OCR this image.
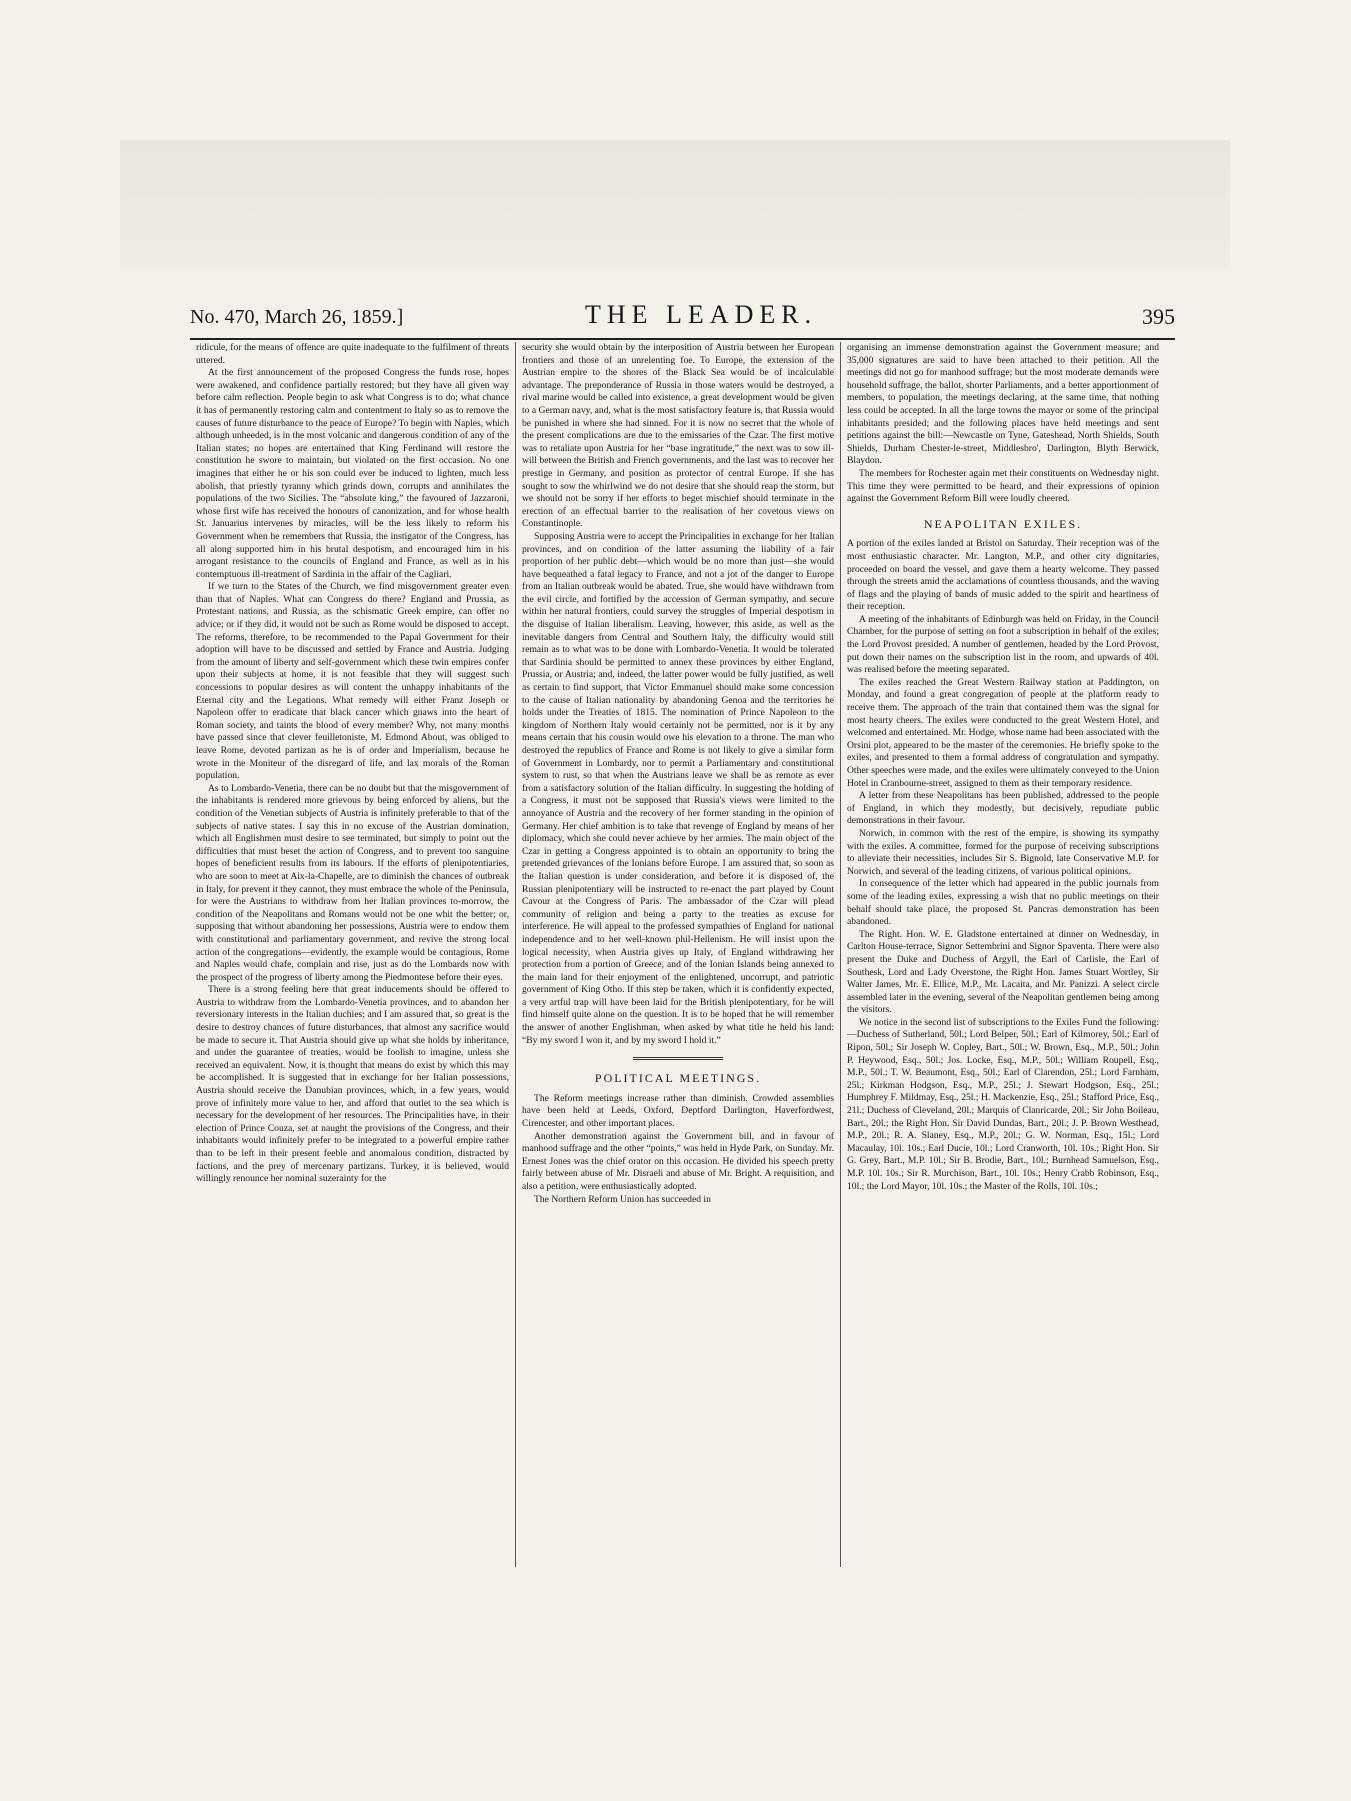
No. 470, March 26, 1859.]	THE LEADER.	395

ridicule, for the means of offence are quite inadequate to the fulfilment of threats uttered.

At the first announcement of the proposed Congress the funds rose, hopes were awakened, and confidence partially restored; but they have all given way before calm reflection. People begin to ask what Congress is to do; what chance it has of permanently restoring calm and contentment to Italy so as to remove the causes of future disturbance to the peace of Europe? To begin with Naples, which although unheeded, is in the most volcanic and dangerous condition of any of the Italian states; no hopes are entertained that King Ferdinand will restore the constitution he swore to maintain, but violated on the first occasion. No one imagines that either he or his son could ever be induced to lighten, much less abolish, that priestly tyranny which grinds down, corrupts and annihilates the populations of the two Sicilies. The “absolute king,” the favoured of Jazzaroni, whose first wife has received the honours of canonization, and for whose health St. Januarius intervenes by miracles, will be the less likely to reform his Government when he remembers that Russia, the instigator of the Congress, has all along supported him in his brutal despotism, and encouraged him in his arrogant resistance to the councils of England and France, as well as in his contemptuous ill-treatment of Sardinia in the affair of the Cagliari.

If we turn to the States of the Church, we find misgovernment greater even than that of Naples. What can Congress do there? England and Prussia, as Protestant nations, and Russia, as the schismatic Greek empire, can offer no advice; or if they did, it would not be such as Rome would be disposed to accept. The reforms, therefore, to be recommended to the Papal Government for their adoption will have to be discussed and settled by France and Austria. Judging from the amount of liberty and self-government which these twin empires confer upon their subjects at home, it is not feasible that they will suggest such concessions to popular desires as will content the unhappy inhabitants of the Eternal city and the Legations. What remedy will either Franz Joseph or Napoleon offer to eradicate that black cancer which gnaws into the heart of Roman society, and taints the blood of every member? Why, not many months have passed since that clever feuilletoniste, M. Edmond About, was obliged to leave Rome, devoted partizan as he is of order and Imperialism, because he wrote in the Moniteur of the disregard of life, and lax morals of the Roman population.

As to Lombardo-Venetia, there can be no doubt but that the misgovernment of the inhabitants is rendered more grievous by being enforced by aliens, but the condition of the Venetian subjects of Austria is infinitely preferable to that of the subjects of native states. I say this in no excuse of the Austrian domination, which all Englishmen must desire to see terminated, but simply to point out the difficulties that must beset the action of Congress, and to prevent too sanguine hopes of beneficient results from its labours. If the efforts of plenipotentiaries, who are soon to meet at Aix-la-Chapelle, are to diminish the chances of outbreak in Italy, for prevent it they cannot, they must embrace the whole of the Peninsula, for were the Austrians to withdraw from her Italian provinces to-morrow, the condition of the Neapolitans and Romans would not be one whit the better; or, supposing that without abandoning her possessions, Austria were to endow them with constitutional and parliamentary government, and revive the strong local action of the congregations—evidently, the example would be contagious, Rome and Naples would chafe, complain and rise, just as do the Lombards now with the prospect of the progress of liberty among the Piedmontese before their eyes.

There is a strong feeling here that great inducements should be offered to Austria to withdraw from the Lombardo-Venetia provinces, and to abandon her reversionary interests in the Italian duchies; and I am assured that, so great is the desire to destroy chances of future disturbances, that almost any sacrifice would be made to secure it. That Austria should give up what she holds by inheritance, and under the guarantee of treaties, would be foolish to imagine, unless she received an equivalent. Now, it is thought that means do exist by which this may be accomplished. It is suggested that in exchange for her Italian possessions, Austria should receive the Danubian provinces, which, in a few years, would prove of infinitely more value to her, and afford that outlet to the sea which is necessary for the development of her resources. The Principalities have, in their election of Prince Couza, set at naught the provisions of the Congress, and their inhabitants would infinitely prefer to be integrated to a powerful empire rather than to be left in their present feeble and anomalous condition, distracted by factions, and the prey of mercenary partizans. Turkey, it is believed, would willingly renounce her nominal suzerainty for the

security she would obtain by the interposition of Austria between her European frontiers and those of an unrelenting foe. To Europe, the extension of the Austrian empire to the shores of the Black Sea would be of incalculable advantage. The preponderance of Russia in those waters would be destroyed, a rival marine would be called into existence, a great development would be given to a German navy, and, what is the most satisfactory feature is, that Russia would be punished in where she had sinned. For it is now no secret that the whole of the present complications are due to the emissaries of the Czar. The first motive was to retaliate upon Austria for her “base ingratitude,” the next was to sow ill-will between the British and French governments, and the last was to recover her prestige in Germany, and position as protector of central Europe. If she has sought to sow the whirlwind we do not desire that she should reap the storm, but we should not be sorry if her efforts to beget mischief should terminate in the erection of an effectual barrier to the realisation of her covetous views on Constantinople.

Supposing Austria were to accept the Principalities in exchange for her Italian provinces, and on condition of the latter assuming the liability of a fair proportion of her public debt—which would be no more than just—she would have bequeathed a fatal legacy to France, and not a jot of the danger to Europe from an Italian outbreak would be abated. True, she would have withdrawn from the evil circle, and fortified by the accession of German sympathy, and secure within her natural frontiers, could survey the struggles of Imperial despotism in the disguise of Italian liberalism. Leaving, however, this aside, as well as the inevitable dangers from Central and Southern Italy, the difficulty would still remain as to what was to be done with Lombardo-Venetia. It would be tolerated that Sardinia should be permitted to annex these provinces by either England, Prussia, or Austria; and, indeed, the latter power would be fully justified, as well as certain to find support, that Victor Emmanuel should make some concession to the cause of Italian nationality by abandoning Genoa and the territories he holds under the Treaties of 1815. The nomination of Prince Napoleon to the kingdom of Northern Italy would certainly not be permitted, nor is it by any means certain that his cousin would owe his elevation to a throne. The man who destroyed the republics of France and Rome is not likely to give a similar form of Government in Lombardy, nor to permit a Parliamentary and constitutional system to rust, so that when the Austrians leave we shall be as remote as ever from a satisfactory solution of the Italian difficulty. In suggesting the holding of a Congress, it must not be supposed that Russia's views were limited to the annoyance of Austria and the recovery of her former standing in the opinion of Germany. Her chief ambition is to take that revenge of England by means of her diplomacy, which she could never achieve by her armies. The main object of the Czar in getting a Congress appointed is to obtain an opportunity to bring the pretended grievances of the Ionians before Europe. I am assured that, so soon as the Italian question is under consideration, and before it is disposed of, the Russian plenipotentiary will be instructed to re-enact the part played by Count Cavour at the Congress of Paris. The ambassador of the Czar will plead community of religion and being a party to the treaties as excuse for interference. He will appeal to the professed sympathies of England for national independence and to her well-known phil-Hellenism. He will insist upon the logical necessity, when Austria gives up Italy, of England withdrawing her protection from a portion of Greece, and of the Ionian Islands being annexed to the main land for their enjoyment of the enlightened, uncorrupt, and patriotic government of King Otho. If this step be taken, which it is confidently expected, a very artful trap will have been laid for the British plenipotentiary, for he will find himself quite alone on the question. It is to be hoped that he will remember the answer of another Englishman, when asked by what title he held his land: “By my sword I won it, and by my sword I hold it.”

POLITICAL MEETINGS.

The Reform meetings increase rather than diminish. Crowded assemblies have been held at Leeds, Oxford, Deptford Darlington, Haverfordwest, Cirencester, and other important places.

Another demonstration against the Government bill, and in favour of manhood suffrage and the other “points,” was held in Hyde Park, on Sunday. Mr. Ernest Jones was the chief orator on this occasion. He divided his speech pretty fairly between abuse of Mr. Disraeli and abuse of Mr. Bright. A requisition, and also a petition, were enthusiastically adopted.

The Northern Reform Union has succeeded in

organising an immense demonstration against the Government measure; and 35,000 signatures are said to have been attached to their petition. All the meetings did not go for manhood suffrage; but the most moderate demands were household suffrage, the ballot, shorter Parliaments, and a better apportionment of members, to population, the meetings declaring, at the same time, that nothing less could be accepted. In all the large towns the mayor or some of the principal inhabitants presided; and the following places have held meetings and sent petitions against the bill:—Newcastle on Tyne, Gateshead, North Shields, South Shields, Durham Chester-le-street, Middlesbro', Darlington, Blyth Berwick, Blaydon.

The members for Rochester again met their constituents on Wednesday night. This time they were permitted to be heard, and their expressions of opinion against the Government Reform Bill were loudly cheered.

NEAPOLITAN EXILES.

A portion of the exiles landed at Bristol on Saturday. Their reception was of the most enthusiastic character. Mr. Langton, M.P., and other city dignitaries, proceeded on board the vessel, and gave them a hearty welcome. They passed through the streets amid the acclamations of countless thousands, and the waving of flags and the playing of bands of music added to the spirit and heartiness of their reception.

A meeting of the inhabitants of Edinburgh was held on Friday, in the Council Chamber, for the purpose of setting on foot a subscription in behalf of the exiles; the Lord Provost presided. A number of gentlemen, headed by the Lord Provost, put down their names on the subscription list in the room, and upwards of 40l. was realised before the meeting separated.

The exiles reached the Great Western Railway station at Paddington, on Monday, and found a great congregation of people at the platform ready to receive them. The approach of the train that contained them was the signal for most hearty cheers. The exiles were conducted to the great Western Hotel, and welcomed and entertained. Mr. Hodge, whose name had been associated with the Orsini plot, appeared to be the master of the ceremonies. He briefly spoke to the exiles, and presented to them a formal address of congratulation and sympathy. Other speeches were made, and the exiles were ultimately conveyed to the Union Hotel in Cranbourne-street, assigned to them as their temporary residence.

A letter from these Neapolitans has been published, addressed to the people of England, in which they modestly, but decisively, repudiate public demonstrations in their favour.

Norwich, in common with the rest of the empire, is showing its sympathy with the exiles. A committee, formed for the purpose of receiving subscriptions to alleviate their necessities, includes Sir S. Bignold, late Conservative M.P. for Norwich, and several of the leading citizens, of various political opinions.

In consequence of the letter which had appeared in the public journals from some of the leading exiles, expressing a wish that no public meetings on their behalf should take place, the proposed St. Pancras demonstration has been abandoned.

The Right. Hon. W. E. Gladstone entertained at dinner on Wednesday, in Carlton House-terrace, Signor Settembrini and Signor Spaventa. There were also present the Duke and Duchess of Argyll, the Earl of Carlisle, the Earl of Southesk, Lord and Lady Overstone, the Right Hon. James Stuart Wortley, Sir Walter James, Mr. E. Ellice, M.P., Mr. Lacaita, and Mr. Panizzi. A select circle assembled later in the evening, several of the Neapolitan gentlemen being among the visitors.

We notice in the second list of subscriptions to the Exiles Fund the following:—Duchess of Sutherland, 50l.; Lord Belper, 50l.; Earl of Kilmorey, 50l.; Earl of Ripon, 50l.; Sir Joseph W. Copley, Bart., 50l.; W. Brown, Esq., M.P., 50l.; John P. Heywood, Esq., 50l.; Jos. Locke, Esq., M.P., 50l.; William Roupell, Esq., M.P., 50l.; T. W. Beaumont, Esq., 50l.; Earl of Clarendon, 25l.; Lord Farnham, 25l.; Kirkman Hodgson, Esq., M.P., 25l.; J. Stewart Hodgson, Esq., 25l.; Humphrey F. Mildmay, Esq., 25l.; H. Mackenzie, Esq., 25l.; Stafford Price, Esq., 21l.; Duchess of Cleveland, 20l.; Marquis of Clanricarde, 20l.; Sir John Boileau, Bart., 20l.; the Right Hon. Sir David Dundas, Bart., 20l.; J. P. Brown Westhead, M.P., 20l.; R. A. Slaney, Esq., M.P., 20l.; G. W. Norman, Esq., 15l.; Lord Macaulay, 10l. 10s.; Earl Ducie, 10l.; Lord Cranworth, 10l. 10s.; Right Hon. Sir G. Grey, Bart., M.P. 10l.; Sir B. Brodie, Bart., 10l.; Burnhead Samuelson, Esq., M.P. 10l. 10s.; Sir R. Murchison, Bart., 10l. 10s.; Henry Crabb Robinson, Esq., 10l.; the Lord Mayor, 10l. 10s.; the Master of the Rolls, 10l. 10s.;
